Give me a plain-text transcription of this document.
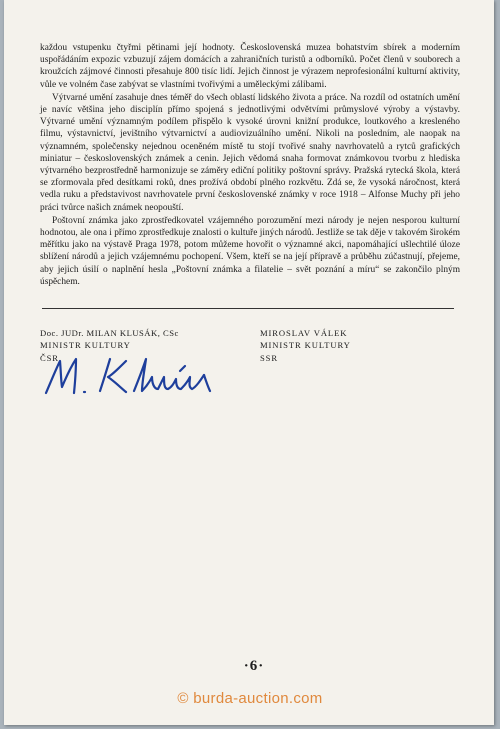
každou vstupenku čtyřmi pětinami její hodnoty. Československá muzea bohatstvím sbírek a moderním uspořádáním expozic vzbuzují zájem domácích a zahraničních turistů a odborníků. Počet členů v souborech a kroužcích zájmové činnosti přesahuje 800 tisíc lidí. Jejich činnost je výrazem neprofesionální kulturní aktivity, vůle ve volném čase zabývat se vlastními tvořivými a uměleckými zálibami.

Výtvarné umění zasahuje dnes téměř do všech oblastí lidského života a práce. Na rozdíl od ostatních umění je navíc většina jeho disciplín přímo spojená s jednotlivými odvětvími průmyslové výroby a výstavby. Výtvarné umění významným podílem přispělo k vysoké úrovni knižní produkce, loutkového a kresleného filmu, výstavnictví, jevištního výtvarnictví a audiovizuálního umění. Nikoli na posledním, ale naopak na významném, společensky nejednou oceněném místě tu stojí tvořivé snahy navrhovatelů a rytců grafických miniatur – československých známek a cenin. Jejich vědomá snaha formovat známkovou tvorbu z hlediska výtvarného bezprostředně harmonizuje se záměry ediční politiky poštovní správy. Pražská rytecká škola, která se zformovala před desítkami roků, dnes prožívá období plného rozkvětu. Zdá se, že vysoká náročnost, která vedla ruku a představivost navrhovatele první československé známky v roce 1918 – Alfonse Muchy při jeho práci tvůrce našich známek neopouští.

Poštovní známka jako zprostředkovatel vzájemného porozumění mezi národy je nejen nesporou kulturní hodnotou, ale ona i přímo zprostředkuje znalosti o kultuře jiných národů. Jestliže se tak děje v takovém širokém měřítku jako na výstavě Praga 1978, potom můžeme hovořit o významné akci, napomáhající ušlechtilé úloze sblížení národů a jejich vzájemnému pochopení. Všem, kteří se na její přípravě a průběhu zúčastnují, přejeme, aby jejich úsilí o naplnění hesla „Poštovní známka a filatelie – svět poznání a míru“ se zakončilo plným úspěchem.

Doc. JUDr. MILAN KLUSÁK, CSc
MINISTR KULTURY
ČSR
MIROSLAV VÁLEK
MINISTR KULTURY
SSR
·6·
© burda-auction.com
